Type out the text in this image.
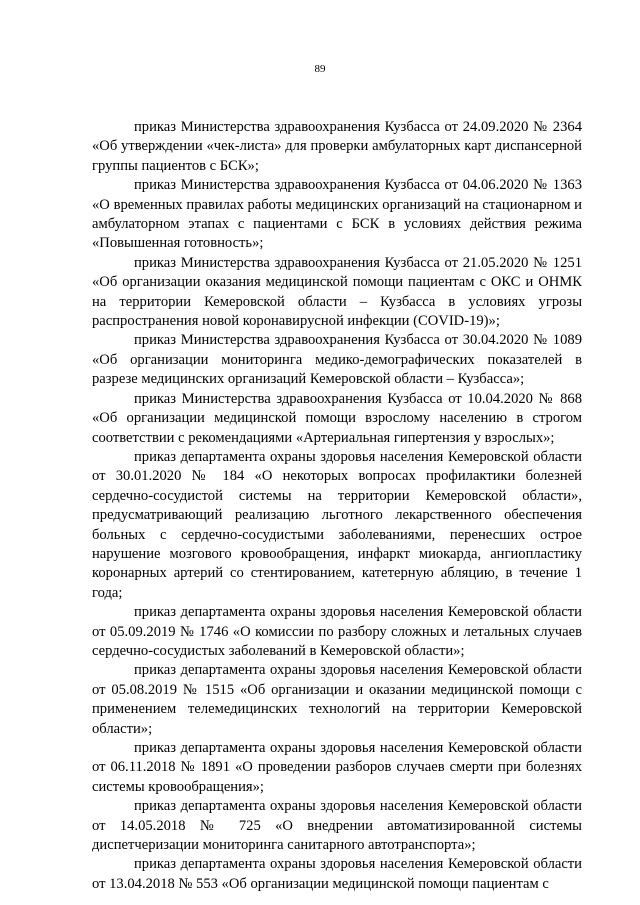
89

приказ Министерства здравоохранения Кузбасса от 24.09.2020 № 2364 «Об утверждении «чек-листа» для проверки амбулаторных карт диспансерной группы пациентов с БСК»;

приказ Министерства здравоохранения Кузбасса от 04.06.2020 № 1363 «О временных правилах работы медицинских организаций на стационарном и амбулаторном этапах с пациентами с БСК в условиях действия режима «Повышенная готовность»;

приказ Министерства здравоохранения Кузбасса от 21.05.2020 № 1251 «Об организации оказания медицинской помощи пациентам с ОКС и ОНМК на территории Кемеровской области – Кузбасса в условиях угрозы распространения новой коронавирусной инфекции (COVID-19)»;

приказ Министерства здравоохранения Кузбасса от 30.04.2020 № 1089 «Об организации мониторинга медико-демографических показателей в разрезе медицинских организаций Кемеровской области – Кузбасса»;

приказ Министерства здравоохранения Кузбасса от 10.04.2020 № 868 «Об организации медицинской помощи взрослому населению в строгом соответствии с рекомендациями «Артериальная гипертензия у взрослых»;

приказ департамента охраны здоровья населения Кемеровской области от 30.01.2020 № 184 «О некоторых вопросах профилактики болезней сердечно-сосудистой системы на территории Кемеровской области», предусматривающий реализацию льготного лекарственного обеспечения больных с сердечно-сосудистыми заболеваниями, перенесших острое нарушение мозгового кровообращения, инфаркт миокарда, ангиопластику коронарных артерий со стентированием, катетерную абляцию, в течение 1 года;

приказ департамента охраны здоровья населения Кемеровской области от 05.09.2019 № 1746 «О комиссии по разбору сложных и летальных случаев сердечно-сосудистых заболеваний в Кемеровской области»;

приказ департамента охраны здоровья населения Кемеровской области от 05.08.2019 № 1515 «Об организации и оказании медицинской помощи с применением телемедицинских технологий на территории Кемеровской области»;

приказ департамента охраны здоровья населения Кемеровской области от 06.11.2018 № 1891 «О проведении разборов случаев смерти при болезнях системы кровообращения»;

приказ департамента охраны здоровья населения Кемеровской области от 14.05.2018 № 725 «О внедрении автоматизированной системы диспетчеризации мониторинга санитарного автотранспорта»;

приказ департамента охраны здоровья населения Кемеровской области от 13.04.2018 № 553 «Об организации медицинской помощи пациентам с
